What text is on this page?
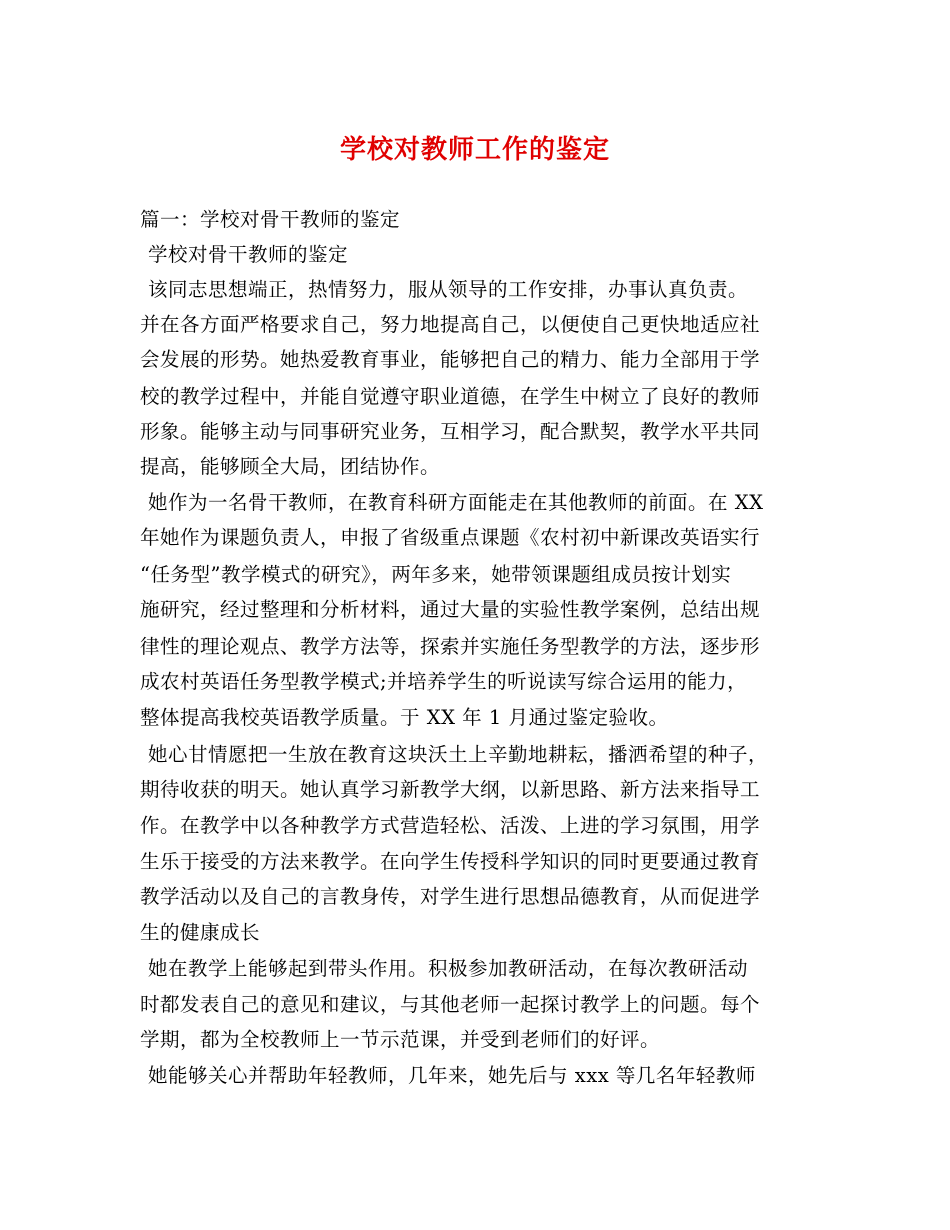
学校对教师工作的鉴定
篇一：学校对骨干教师的鉴定
学校对骨干教师的鉴定
该同志思想端正，热情努力，服从领导的工作安排，办事认真负责。
并在各方面严格要求自己，努力地提高自己，以便使自己更快地适应社
会发展的形势。她热爱教育事业，能够把自己的精力、能力全部用于学
校的教学过程中，并能自觉遵守职业道德，在学生中树立了良好的教师
形象。能够主动与同事研究业务，互相学习，配合默契，教学水平共同
提高，能够顾全大局，团结协作。
她作为一名骨干教师，在教育科研方面能走在其他教师的前面。在 XX
年她作为课题负责人，申报了省级重点课题《农村初中新课改英语实行
“任务型”教学模式的研究》，两年多来，她带领课题组成员按计划实
施研究，经过整理和分析材料，通过大量的实验性教学案例，总结出规
律性的理论观点、教学方法等，探索并实施任务型教学的方法，逐步形
成农村英语任务型教学模式;并培养学生的听说读写综合运用的能力，
整体提高我校英语教学质量。于 XX 年 1 月通过鉴定验收。
她心甘情愿把一生放在教育这块沃土上辛勤地耕耘，播洒希望的种子，
期待收获的明天。她认真学习新教学大纲，以新思路、新方法来指导工
作。在教学中以各种教学方式营造轻松、活泼、上进的学习氛围，用学
生乐于接受的方法来教学。在向学生传授科学知识的同时更要通过教育
教学活动以及自己的言教身传，对学生进行思想品德教育，从而促进学
生的健康成长
她在教学上能够起到带头作用。积极参加教研活动，在每次教研活动
时都发表自己的意见和建议，与其他老师一起探讨教学上的问题。每个
学期，都为全校教师上一节示范课，并受到老师们的好评。
她能够关心并帮助年轻教师，几年来，她先后与 xxx 等几名年轻教师
